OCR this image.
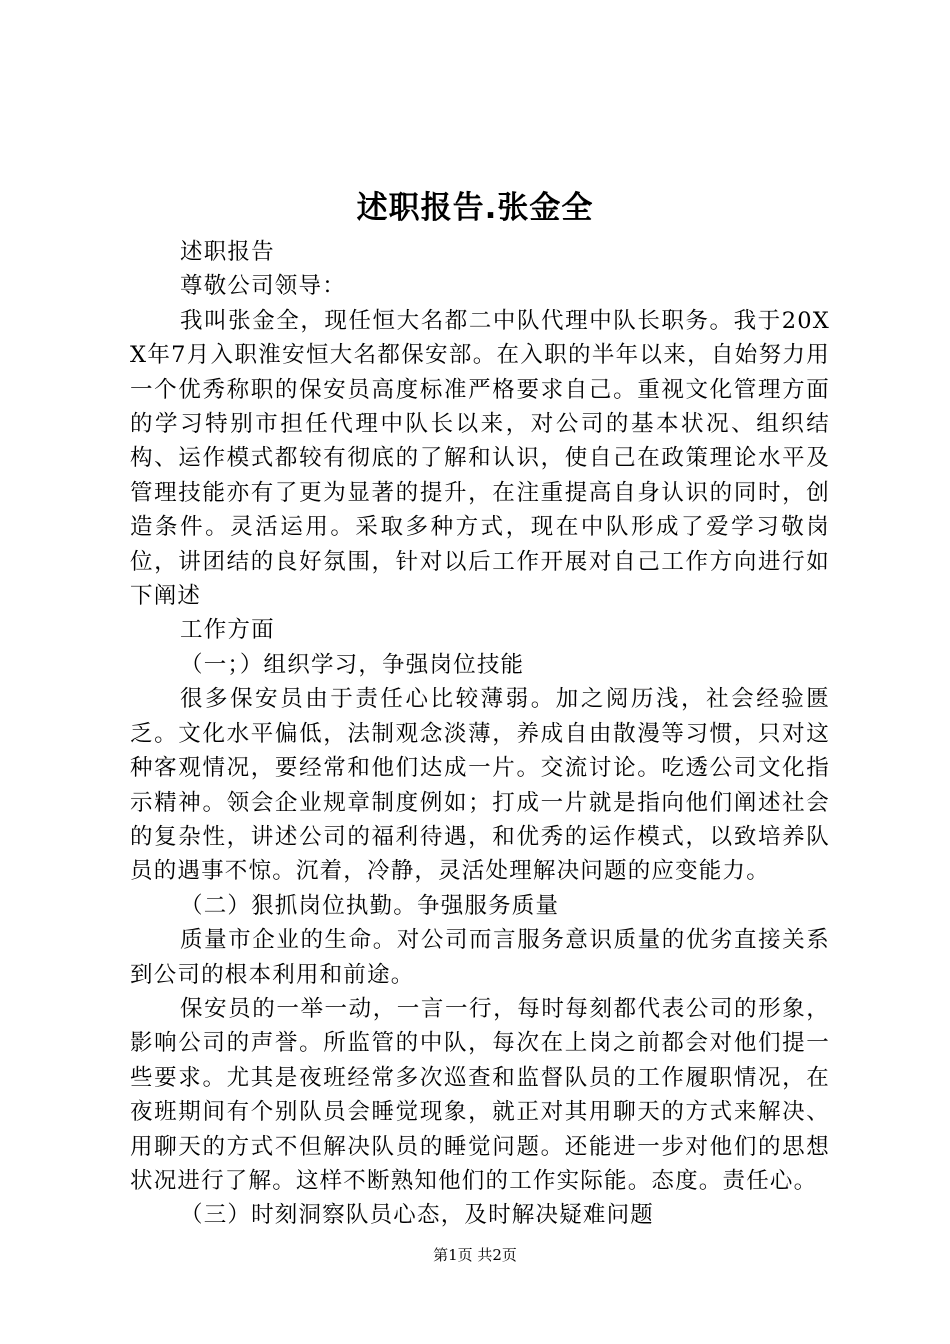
述职报告.张金全

述职报告

尊敬公司领导：

我叫张金全，现任恒大名都二中队代理中队长职务。我于20XX年7月入职淮安恒大名都保安部。在入职的半年以来，自始努力用一个优秀称职的保安员高度标准严格要求自己。重视文化管理方面的学习特别市担任代理中队长以来，对公司的基本状况、组织结构、运作模式都较有彻底的了解和认识，使自己在政策理论水平及管理技能亦有了更为显著的提升，在注重提高自身认识的同时，创造条件。灵活运用。采取多种方式，现在中队形成了爱学习敬岗位，讲团结的良好氛围，针对以后工作开展对自己工作方向进行如下阐述

工作方面

（一；）组织学习，争强岗位技能

很多保安员由于责任心比较薄弱。加之阅历浅，社会经验匮乏。文化水平偏低，法制观念淡薄，养成自由散漫等习惯，只对这种客观情况，要经常和他们达成一片。交流讨论。吃透公司文化指示精神。领会企业规章制度例如；打成一片就是指向他们阐述社会的复杂性，讲述公司的福利待遇，和优秀的运作模式，以致培养队员的遇事不惊。沉着，冷静，灵活处理解决问题的应变能力。

（二）狠抓岗位执勤。争强服务质量

质量市企业的生命。对公司而言服务意识质量的优劣直接关系到公司的根本利用和前途。

保安员的一举一动，一言一行，每时每刻都代表公司的形象，影响公司的声誉。所监管的中队，每次在上岗之前都会对他们提一些要求。尤其是夜班经常多次巡查和监督队员的工作履职情况，在夜班期间有个别队员会睡觉现象，就正对其用聊天的方式来解决、用聊天的方式不但解决队员的睡觉问题。还能进一步对他们的思想状况进行了解。这样不断熟知他们的工作实际能。态度。责任心。

（三）时刻洞察队员心态，及时解决疑难问题

第1页 共2页
